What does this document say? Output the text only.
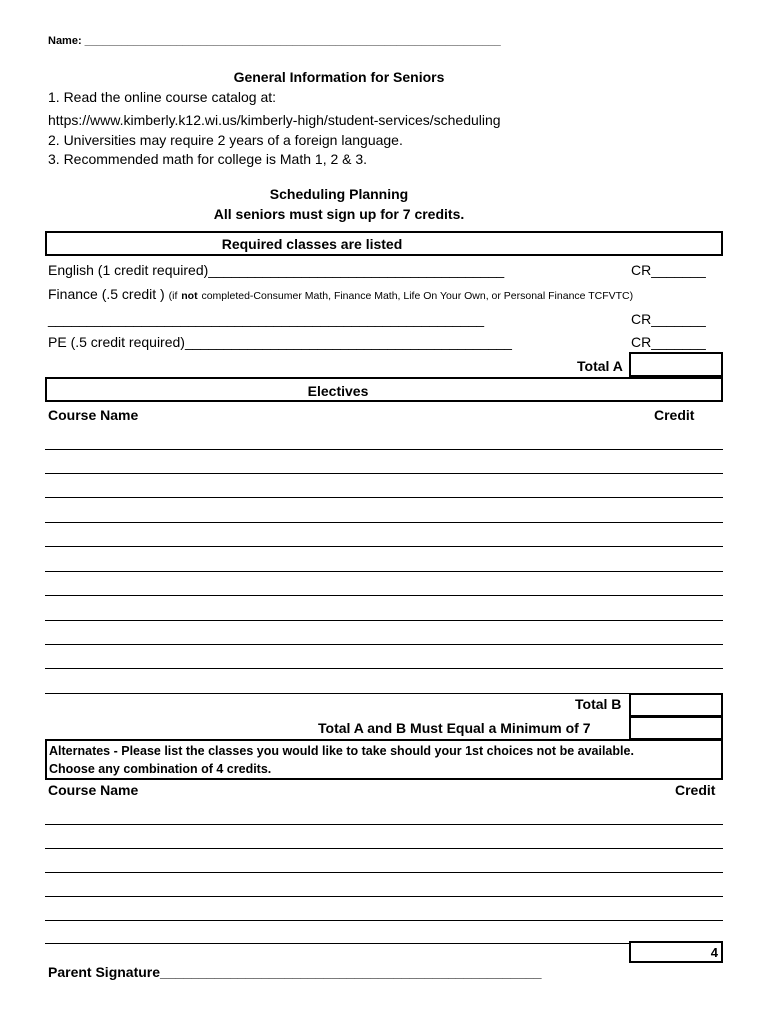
Name: ____________________________________________________________________
General Information for Seniors
1. Read the online course catalog at:
https://www.kimberly.k12.wi.us/kimberly-high/student-services/scheduling
2. Universities may require 2 years of a foreign language.
3. Recommended math for college is Math 1, 2 & 3.
Scheduling Planning
All seniors must sign up for 7 credits.
Required classes are listed
English (1 credit required)______________________________________	CR_______
Finance (.5 credit ) (if not completed-Consumer Math, Finance Math, Life On Your Own, or Personal Finance TCFVTC)
________________________________________________________	CR_______
PE (.5 credit required)__________________________________________	CR_______
Total A
Electives
Course Name	Credit
Total B
Total A and B Must Equal a Minimum of 7
Alternates - Please list the classes you would like to take should your 1st choices not be available.
Choose any combination of 4 credits.
Course Name	Credit
4
Parent Signature_________________________________________________
